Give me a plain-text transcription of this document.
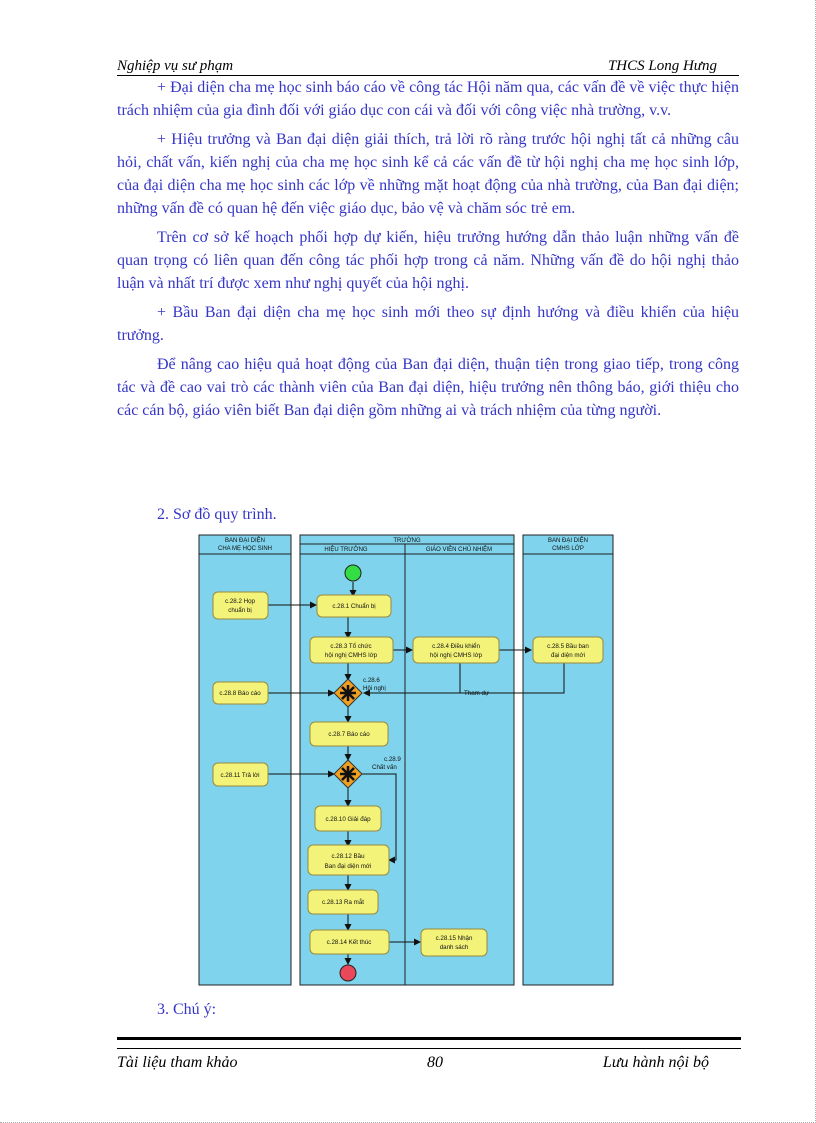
Nghiệp vụ sư phạm	THCS Long Hưng

+ Đại diện cha mẹ học sinh báo cáo về công tác Hội năm qua, các vấn đề về việc thực hiện trách nhiệm của gia đình đối với giáo dục con cái và đối với công việc nhà trường, v.v.

+ Hiệu trưởng và Ban đại diện giải thích, trả lời rõ ràng trước hội nghị tất cả những câu hỏi, chất vấn, kiến nghị của cha mẹ học sinh kể cả các vấn đề từ hội nghị cha mẹ học sinh lớp, của đại diện cha mẹ học sinh các lớp về những mặt hoạt động của nhà trường, của Ban đại diện; những vấn đề có quan hệ đến việc giáo dục, bảo vệ và chăm sóc trẻ em.

Trên cơ sở kế hoạch phối hợp dự kiến, hiệu trưởng hướng dẫn thảo luận những vấn đề quan trọng có liên quan đến công tác phối hợp trong cả năm. Những vấn đề do hội nghị thảo luận và nhất trí được xem như nghị quyết của hội nghị.

+ Bầu Ban đại diện cha mẹ học sinh mới theo sự định hướng và điều khiển của hiệu trưởng.

Để nâng cao hiệu quả hoạt động của Ban đại diện, thuận tiện trong giao tiếp, trong công tác và đề cao vai trò các thành viên của Ban đại diện, hiệu trưởng nên thông báo, giới thiệu cho các cán bộ, giáo viên biết Ban đại diện gồm những ai và trách nhiệm của từng người.

2. Sơ đồ quy trình.
BAN ĐẠI DIỆN
CHA MẸ HỌC SINH
TRƯỜNG
HIỆU TRƯỞNG	GIÁO VIÊN CHỦ NHIỆM
BAN ĐẠI DIỆN
CMHS LỚP
c.28.2 Họp
chuẩn bị
c.28.1 Chuẩn bị
c.28.3 Tổ chức
hội nghị CMHS lớp
c.28.4 Điều khiển
hội nghị CMHS lớp
c.28.5 Bầu ban
đại diện mới
c.28.8 Báo cáo
c.28.7 Báo cáo
c.28.11 Trả lời
c.28.10 Giải đáp
c.28.12 Bầu
Ban đại diện mới
c.28.13 Ra mắt
c.28.14 Kết thúc
c.28.15 Nhận
danh sách
c.28.6
Hội nghị
c.28.9
Chất vấn
Tham dự
3. Chú ý:
Tài liệu tham khảo	80	Lưu hành nội bộ
